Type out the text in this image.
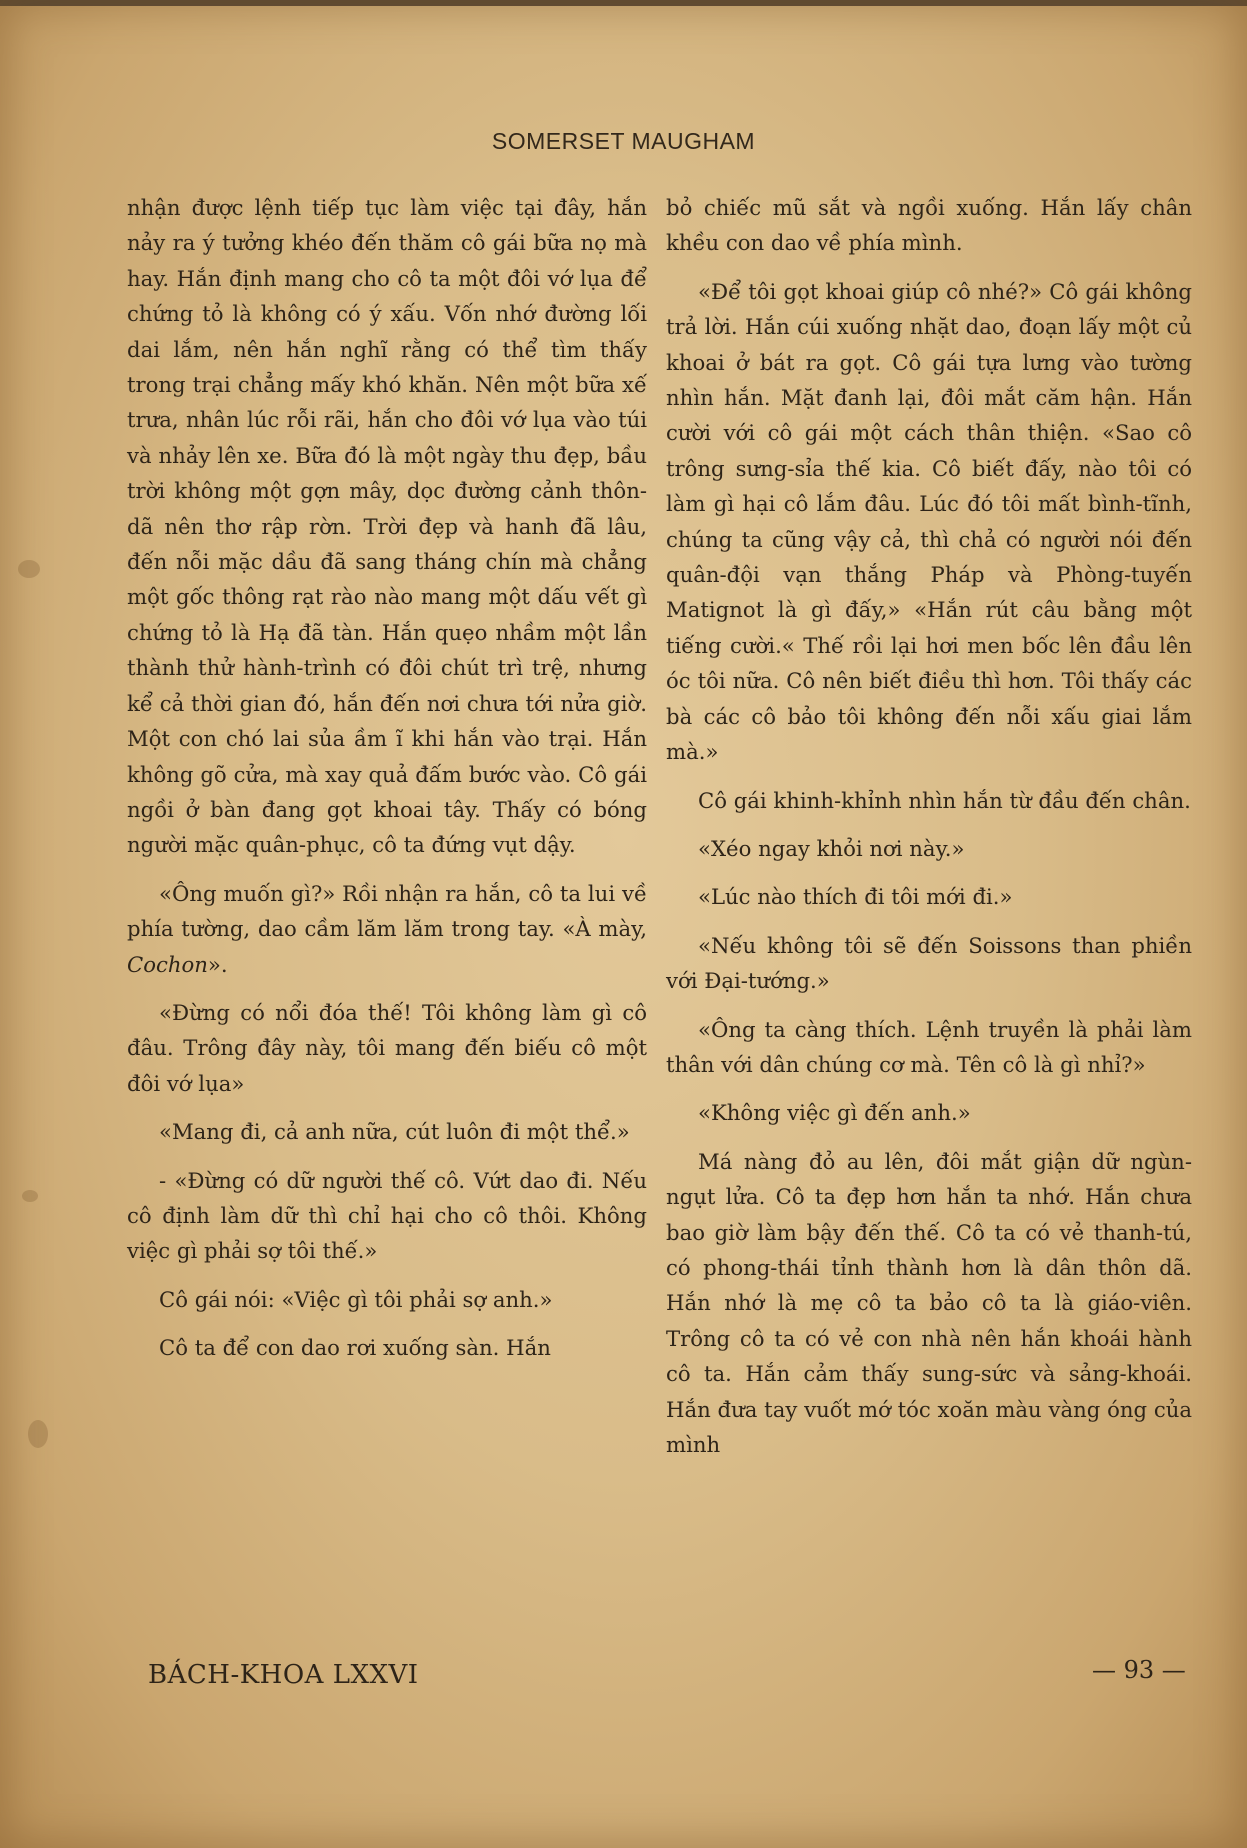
SOMERSET MAUGHAM

nhận được lệnh tiếp tục làm việc tại đây, hắn nảy ra ý tưởng khéo đến thăm cô gái bữa nọ mà hay. Hắn định mang cho cô ta một đôi vớ lụa để chứng tỏ là không có ý xấu. Vốn nhớ đường lối dai lắm, nên hắn nghĩ rằng có thể tìm thấy trong trại chẳng mấy khó khăn. Nên một bữa xế trưa, nhân lúc rỗi rãi, hắn cho đôi vớ lụa vào túi và nhảy lên xe. Bữa đó là một ngày thu đẹp, bầu trời không một gợn mây, dọc đường cảnh thôn-dã nên thơ rập rờn. Trời đẹp và hanh đã lâu, đến nỗi mặc dầu đã sang tháng chín mà chẳng một gốc thông rạt rào nào mang một dấu vết gì chứng tỏ là Hạ đã tàn. Hắn quẹo nhầm một lần thành thử hành-trình có đôi chút trì trệ, nhưng kể cả thời gian đó, hắn đến nơi chưa tới nửa giờ. Một con chó lai sủa ầm ĩ khi hắn vào trại. Hắn không gõ cửa, mà xay quả đấm bước vào. Cô gái ngồi ở bàn đang gọt khoai tây. Thấy có bóng người mặc quân-phục, cô ta đứng vụt dậy.

«Ông muốn gì?» Rồi nhận ra hắn, cô ta lui về phía tường, dao cầm lăm lăm trong tay. «À mày, Cochon».

«Đừng có nổi đóa thế! Tôi không làm gì cô đâu. Trông đây này, tôi mang đến biếu cô một đôi vớ lụa»

«Mang đi, cả anh nữa, cút luôn đi một thể.»

- «Đừng có dữ người thế cô. Vứt dao đi. Nếu cô định làm dữ thì chỉ hại cho cô thôi. Không việc gì phải sợ tôi thế.»

Cô gái nói: «Việc gì tôi phải sợ anh.»

Cô ta để con dao rơi xuống sàn. Hắn

bỏ chiếc mũ sắt và ngồi xuống. Hắn lấy chân khều con dao về phía mình.

«Để tôi gọt khoai giúp cô nhé?» Cô gái không trả lời. Hắn cúi xuống nhặt dao, đoạn lấy một củ khoai ở bát ra gọt. Cô gái tựa lưng vào tường nhìn hắn. Mặt đanh lại, đôi mắt căm hận. Hắn cười với cô gái một cách thân thiện. «Sao cô trông sưng-sỉa thế kia. Cô biết đấy, nào tôi có làm gì hại cô lắm đâu. Lúc đó tôi mất bình-tĩnh, chúng ta cũng vậy cả, thì chả có người nói đến quân-đội vạn thắng Pháp và Phòng-tuyến Matignot là gì đấy,» «Hắn rút câu bằng một tiếng cười.« Thế rồi lại hơi men bốc lên đầu lên óc tôi nữa. Cô nên biết điều thì hơn. Tôi thấy các bà các cô bảo tôi không đến nỗi xấu giai lắm mà.»

Cô gái khinh-khỉnh nhìn hắn từ đầu đến chân.

«Xéo ngay khỏi nơi này.»

«Lúc nào thích đi tôi mới đi.»

«Nếu không tôi sẽ đến Soissons than phiền với Đại-tướng.»

«Ông ta càng thích. Lệnh truyền là phải làm thân với dân chúng cơ mà. Tên cô là gì nhỉ?»

«Không việc gì đến anh.»

Má nàng đỏ au lên, đôi mắt giận dữ ngùn-ngụt lửa. Cô ta đẹp hơn hắn ta nhớ. Hắn chưa bao giờ làm bậy đến thế. Cô ta có vẻ thanh-tú, có phong-thái tỉnh thành hơn là dân thôn dã. Hắn nhớ là mẹ cô ta bảo cô ta là giáo-viên. Trông cô ta có vẻ con nhà nên hắn khoái hành cô ta. Hắn cảm thấy sung-sức và sảng-khoái. Hắn đưa tay vuốt mớ tóc xoăn màu vàng óng của mình

BÁCH-KHOA LXXVI	— 93 —
